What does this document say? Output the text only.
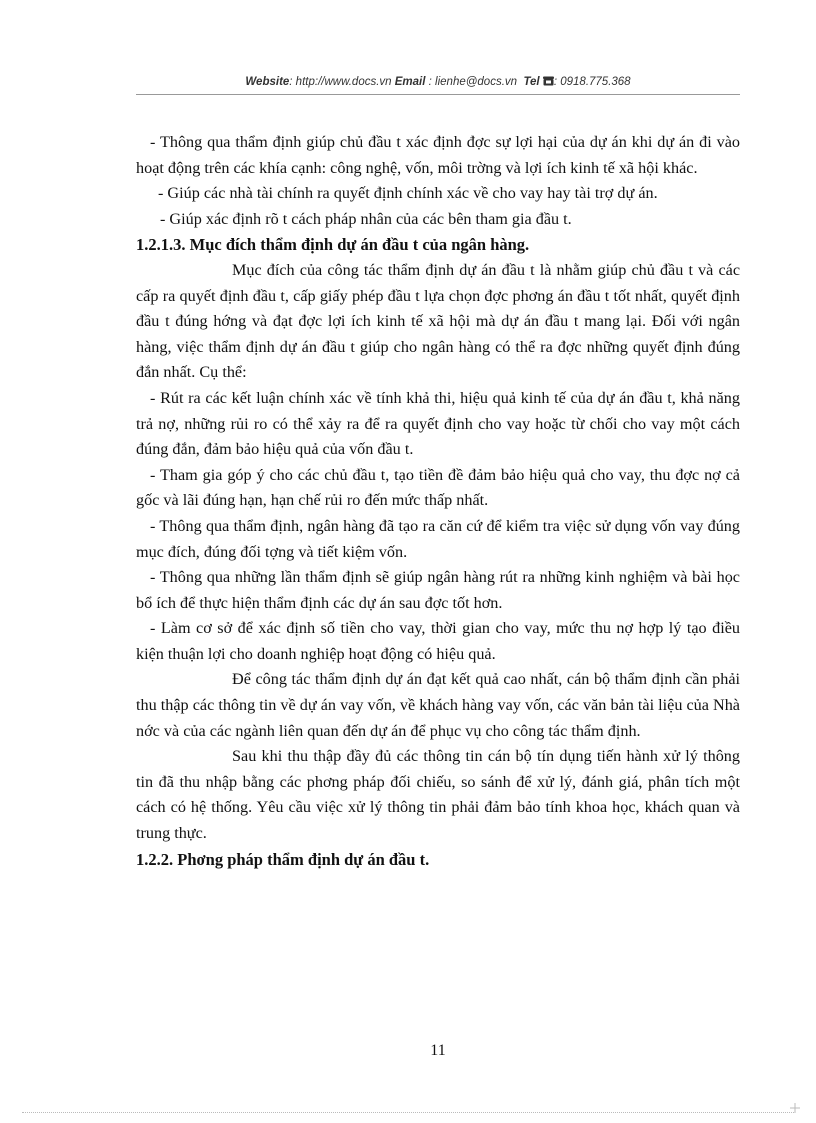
Website: http://www.docs.vn Email : lienhe@docs.vn Tel : 0918.775.368

- Thông qua thẩm định giúp chủ đầu t xác định đợc sự lợi hại của dự án khi dự án đi vào hoạt động trên các khía cạnh: công nghệ, vốn, môi trờng và lợi ích kinh tế xã hội khác.

- Giúp các nhà tài chính ra quyết định chính xác về cho vay hay tài trợ dự án.

- Giúp xác định rõ t cách pháp nhân của các bên tham gia đầu t.

1.2.1.3. Mục đích thẩm định dự án đầu t của ngân hàng.

Mục đích của công tác thẩm định dự án đầu t là nhằm giúp chủ đầu t và các cấp ra quyết định đầu t, cấp giấy phép đầu t lựa chọn đợc phơng án đầu t tốt nhất, quyết định đầu t đúng hớng và đạt đợc lợi ích kinh tế xã hội mà dự án đầu t mang lại. Đối với ngân hàng, việc thẩm định dự án đầu t giúp cho ngân hàng có thể ra đợc những quyết định đúng đắn nhất. Cụ thể:

- Rút ra các kết luận chính xác về tính khả thi, hiệu quả kinh tế của dự án đầu t, khả năng trả nợ, những rủi ro có thể xảy ra để ra quyết định cho vay hoặc từ chối cho vay một cách đúng đắn, đảm bảo hiệu quả của vốn đầu t.

- Tham gia góp ý cho các chủ đầu t, tạo tiền đề đảm bảo hiệu quả cho vay, thu đợc nợ cả gốc và lãi đúng hạn, hạn chế rủi ro đến mức thấp nhất.

- Thông qua thẩm định, ngân hàng đã tạo ra căn cứ để kiểm tra việc sử dụng vốn vay đúng mục đích, đúng đối tợng và tiết kiệm vốn.

- Thông qua những lần thẩm định sẽ giúp ngân hàng rút ra những kinh nghiệm và bài học bổ ích để thực hiện thẩm định các dự án sau đợc tốt hơn.

- Làm cơ sở để xác định số tiền cho vay, thời gian cho vay, mức thu nợ hợp lý tạo điều kiện thuận lợi cho doanh nghiệp hoạt động có hiệu quả.

Để công tác thẩm định dự án đạt kết quả cao nhất, cán bộ thẩm định cần phải thu thập các thông tin về dự án vay vốn, về khách hàng vay vốn, các văn bản tài liệu của Nhà nớc và của các ngành liên quan đến dự án để phục vụ cho công tác thẩm định.

Sau khi thu thập đầy đủ các thông tin cán bộ tín dụng tiến hành xử lý thông tin đã thu nhập bằng các phơng pháp đối chiếu, so sánh để xử lý, đánh giá, phân tích một cách có hệ thống. Yêu cầu việc xử lý thông tin phải đảm bảo tính khoa học, khách quan và trung thực.

1.2.2. Phơng pháp thẩm định dự án đầu t.

11
